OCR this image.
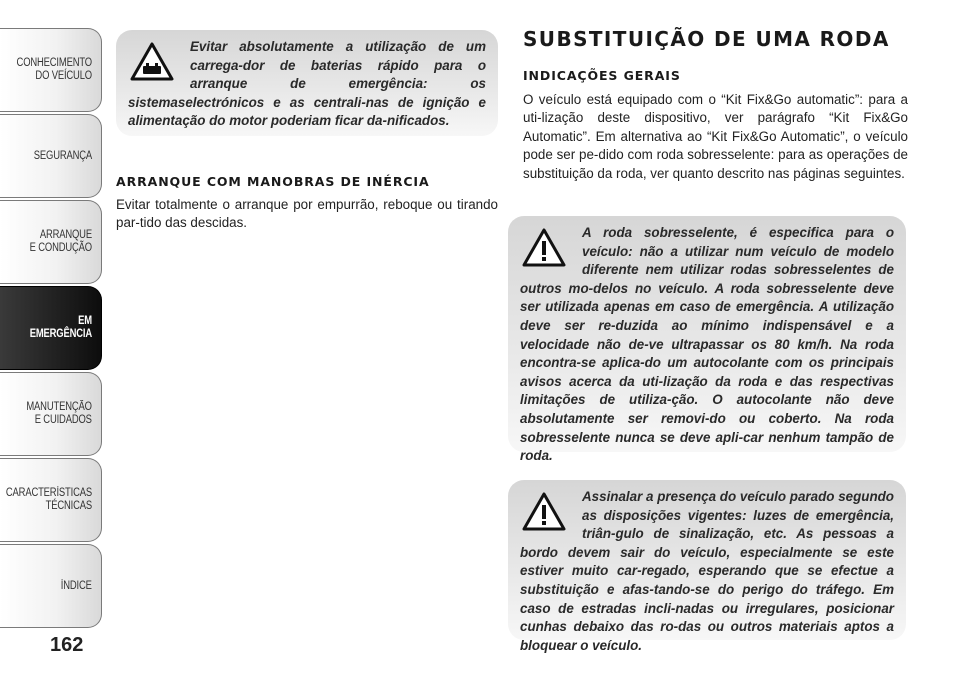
CONHECIMENTO
DO VEÍCULO
SEGURANÇA
ARRANQUE
E CONDUÇÃO
EM EMERGÊNCIA
MANUTENÇÃO
E CUIDADOS
CARACTERÍSTICAS
TÉCNICAS
ÍNDICE
162

Evitar absolutamente a utilização de um carrega-dor de baterias rápido para o arranque de emergência: os sistemaselectrónicos e as centrali-nas de ignição e alimentação do motor poderiam ficar da-nificados.

ARRANQUE COM MANOBRAS DE INÉRCIA

Evitar totalmente o arranque por empurrão, reboque ou tirando par-tido das descidas.

SUBSTITUIÇÃO DE UMA RODA
INDICAÇÕES GERAIS

O veículo está equipado com o “Kit Fix&Go automatic”: para a uti-lização deste dispositivo, ver parágrafo “Kit Fix&Go Automatic”. Em alternativa ao “Kit Fix&Go Automatic”, o veículo pode ser pe-dido com roda sobresselente: para as operações de substituição da roda, ver quanto descrito nas páginas seguintes.

A roda sobresselente, é especifica para o veículo: não a utilizar num veículo de modelo diferente nem utilizar rodas sobresselentes de outros mo-delos no veículo. A roda sobresselente deve ser utilizada apenas em caso de emergência. A utilização deve ser re-duzida ao mínimo indispensável e a velocidade não de-ve ultrapassar os 80 km/h. Na roda encontra-se aplica-do um autocolante com os principais avisos acerca da uti-lização da roda e das respectivas limitações de utiliza-ção. O autocolante não deve absolutamente ser removi-do ou coberto. Na roda sobresselente nunca se deve apli-car nenhum tampão de roda.

Assinalar a presença do veículo parado segundo as disposições vigentes: luzes de emergência, triân-gulo de sinalização, etc. As pessoas a bordo devem sair do veículo, especialmente se este estiver muito car-regado, esperando que se efectue a substituição e afas-tando-se do perigo do tráfego. Em caso de estradas incli-nadas ou irregulares, posicionar cunhas debaixo das ro-das ou outros materiais aptos a bloquear o veículo.
